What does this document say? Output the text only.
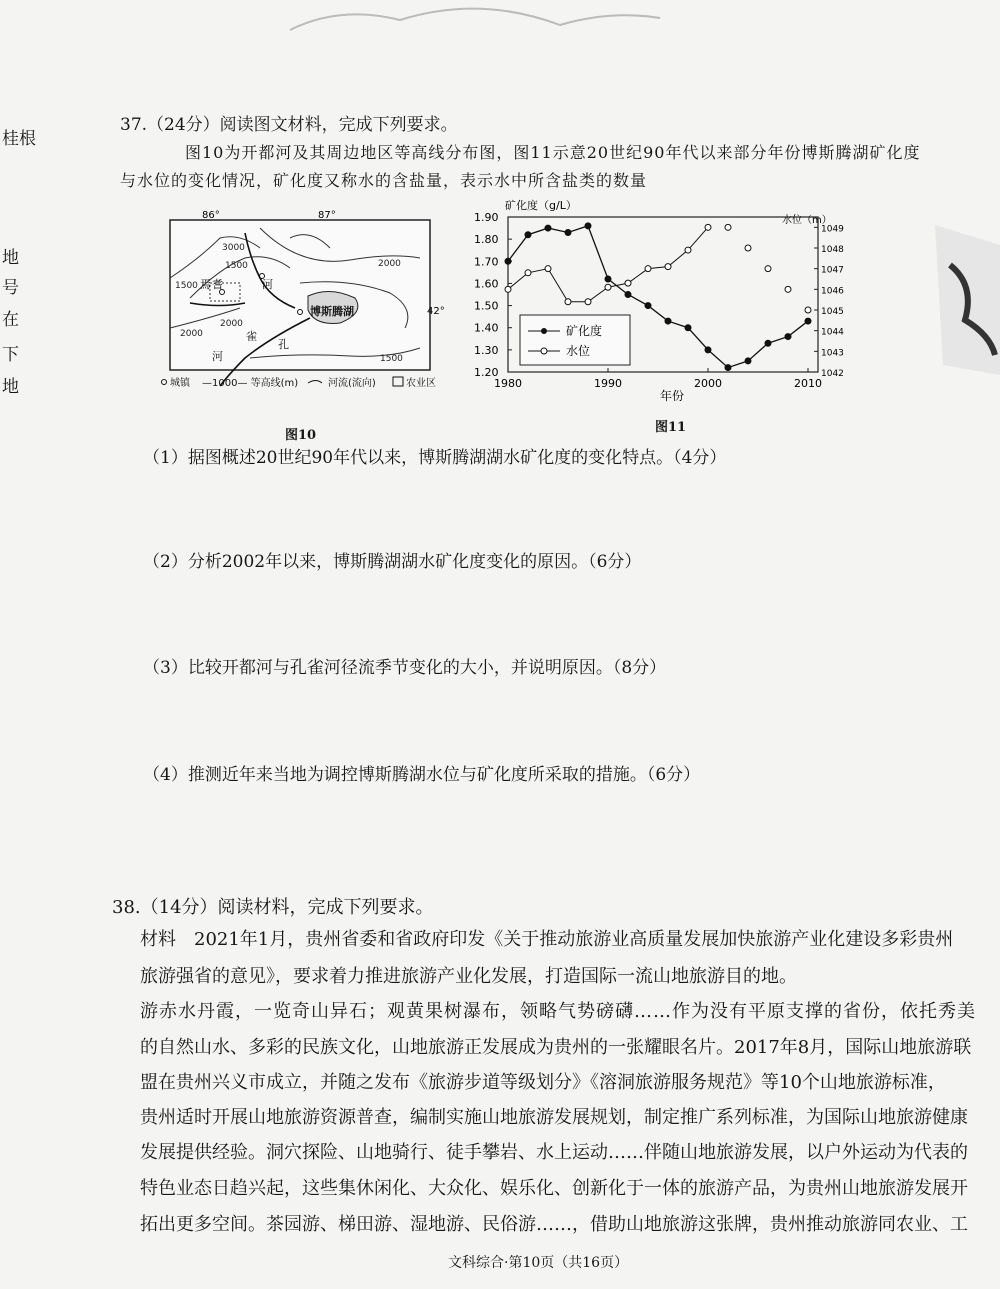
桂根
地
号
在
下
地
37.（24分）阅读图文材料，完成下列要求。
图10为开都河及其周边地区等高线分布图，图11示意20世纪90年代以来部分年份博斯腾湖矿化度
与水位的变化情况，矿化度又称水的含盐量，表示水中所含盐类的数量
86°	87°
42°
3000
2000
1500
2000
1500
2000
1500 焉 耆	河
博斯腾湖
孔
雀
河
城镇 —1000— 等高线(m)	河流(流向)	农业区
图10
矿化度（g/L）
水位（m）
1.20
1.30
1.40
1.50
1.60
1.70
1.80
1.90
1042
1043
1044
1045
1046
1047
1048
1049
1980	1990	2000	2010
年份
矿化度
水位
图11
（1）据图概述20世纪90年代以来，博斯腾湖湖水矿化度的变化特点。（4分）
（2）分析2002年以来，博斯腾湖湖水矿化度变化的原因。（6分）
（3）比较开都河与孔雀河径流季节变化的大小，并说明原因。（8分）
（4）推测近年来当地为调控博斯腾湖水位与矿化度所采取的措施。（6分）
38.（14分）阅读材料，完成下列要求。
材料　2021年1月，贵州省委和省政府印发《关于推动旅游业高质量发展加快旅游产业化建设多彩贵州
旅游强省的意见》，要求着力推进旅游产业化发展，打造国际一流山地旅游目的地。
游赤水丹霞，一览奇山异石；观黄果树瀑布，领略气势磅礴……作为没有平原支撑的省份，依托秀美
的自然山水、多彩的民族文化，山地旅游正发展成为贵州的一张耀眼名片。2017年8月，国际山地旅游联
盟在贵州兴义市成立，并随之发布《旅游步道等级划分》《溶洞旅游服务规范》等10个山地旅游标准，
贵州适时开展山地旅游资源普查，编制实施山地旅游发展规划，制定推广系列标准，为国际山地旅游健康
发展提供经验。洞穴探险、山地骑行、徒手攀岩、水上运动……伴随山地旅游发展，以户外运动为代表的
特色业态日趋兴起，这些集休闲化、大众化、娱乐化、创新化于一体的旅游产品，为贵州山地旅游发展开
拓出更多空间。茶园游、梯田游、湿地游、民俗游……，借助山地旅游这张牌，贵州推动旅游同农业、工
文科综合·第10页（共16页）
